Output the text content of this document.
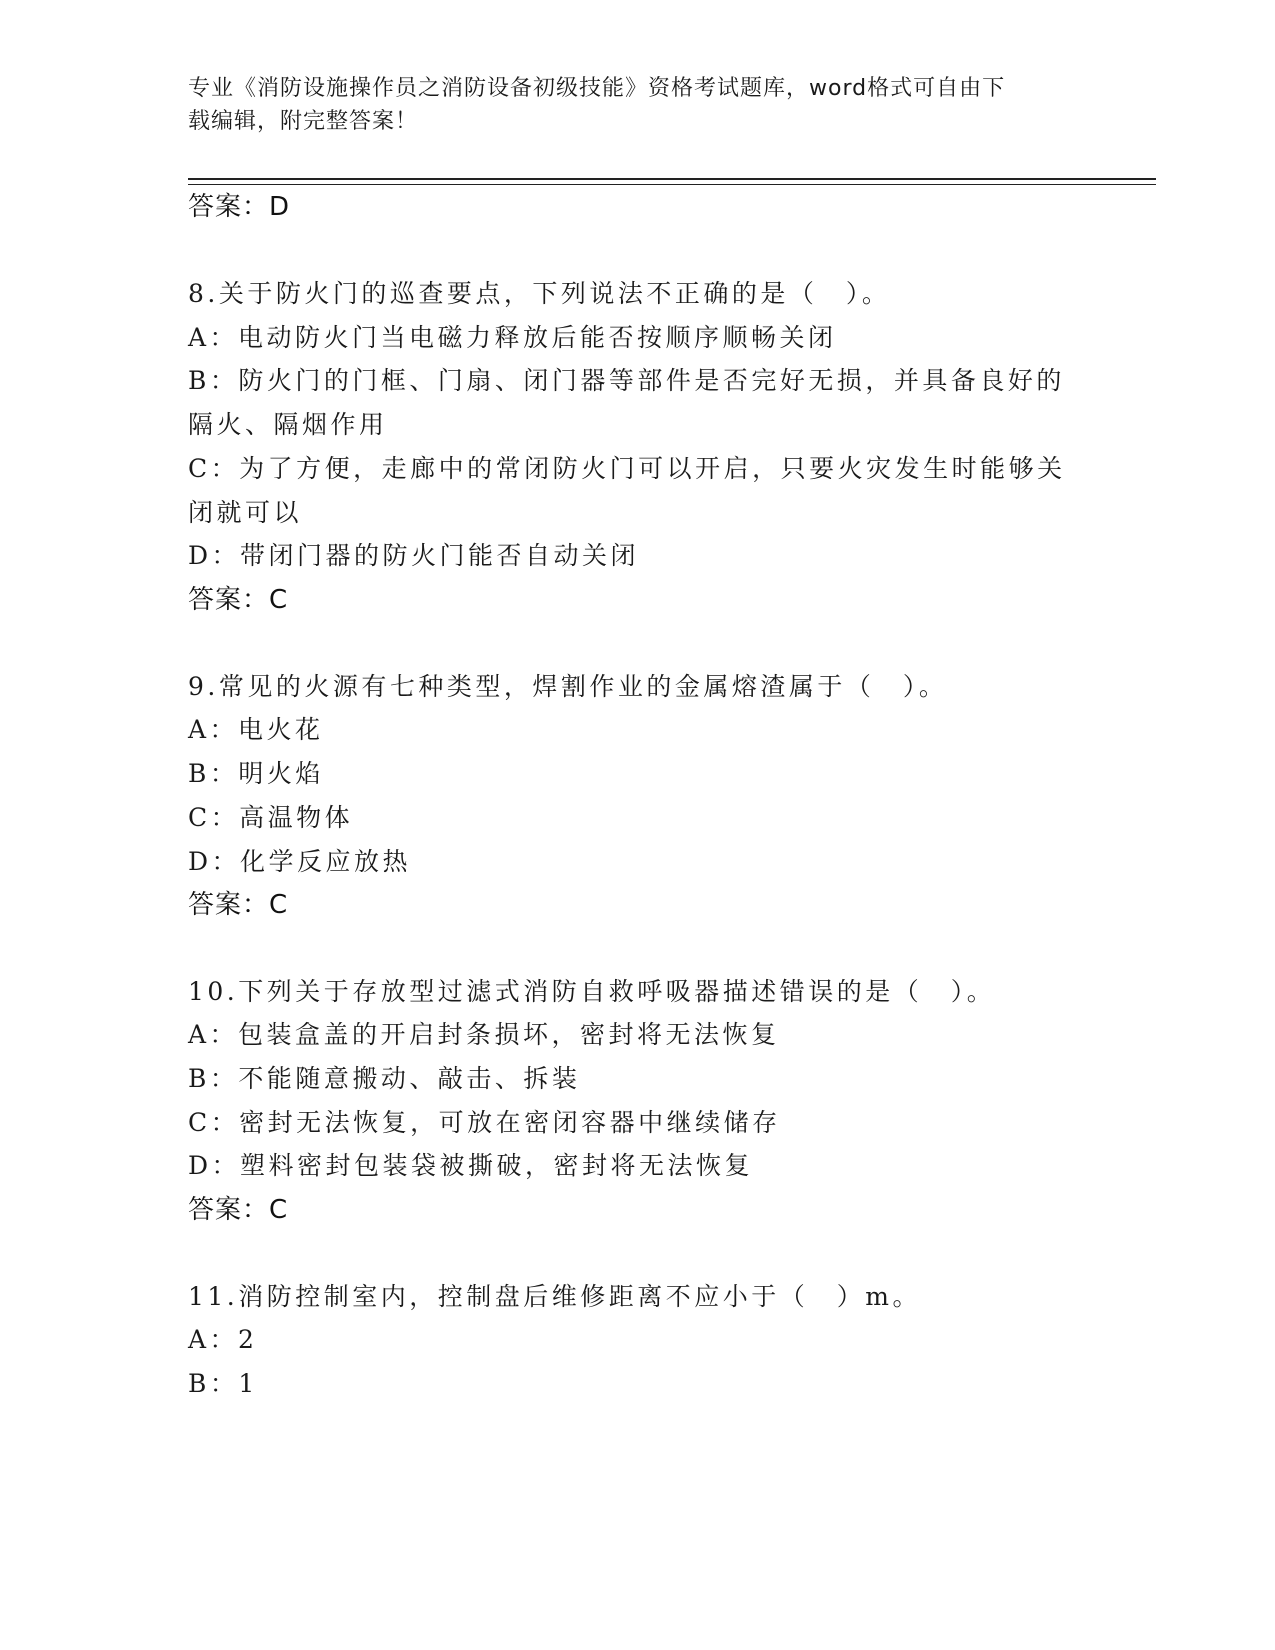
专业《消防设施操作员之消防设备初级技能》资格考试题库，word格式可自由下
载编辑，附完整答案！
答案：D
8.关于防火门的巡查要点，下列说法不正确的是（　）。
A：电动防火门当电磁力释放后能否按顺序顺畅关闭
B：防火门的门框、门扇、闭门器等部件是否完好无损，并具备良好的
隔火、隔烟作用
C：为了方便，走廊中的常闭防火门可以开启，只要火灾发生时能够关
闭就可以
D：带闭门器的防火门能否自动关闭
答案：C
9.常见的火源有七种类型，焊割作业的金属熔渣属于（　）。
A：电火花
B：明火焰
C：高温物体
D：化学反应放热
答案：C
10.下列关于存放型过滤式消防自救呼吸器描述错误的是（　）。
A：包装盒盖的开启封条损坏，密封将无法恢复
B：不能随意搬动、敲击、拆装
C：密封无法恢复，可放在密闭容器中继续储存
D：塑料密封包装袋被撕破，密封将无法恢复
答案：C
11.消防控制室内，控制盘后维修距离不应小于（　）m。
A：2
B：1
